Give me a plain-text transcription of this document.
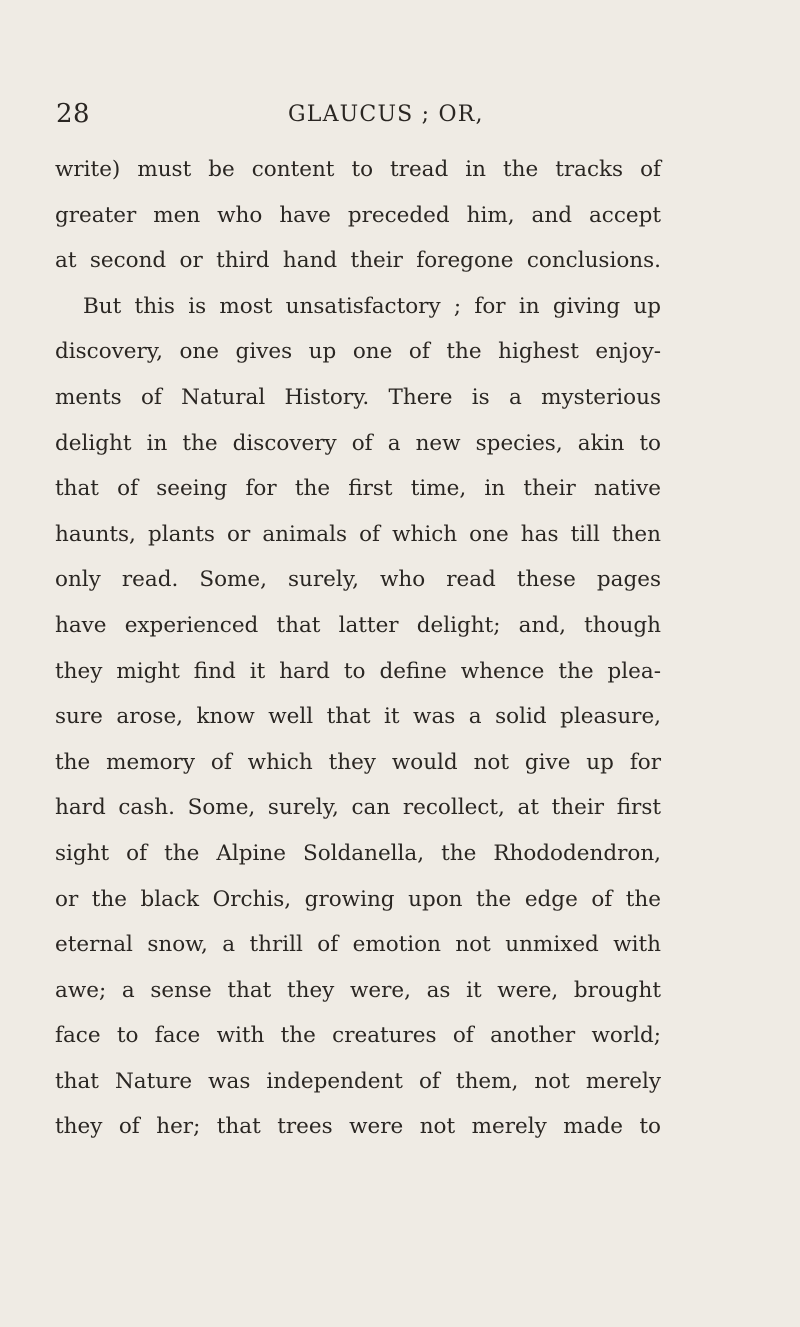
28	GLAUCUS ; OR,
write) must be content to tread in the tracks of
greater men who have preceded him, and accept
at second or third hand their foregone conclusions.
But this is most unsatisfactory ; for in giving up
discovery, one gives up one of the highest enjoy-
ments of Natural History. There is a mysterious
delight in the discovery of a new species, akin to
that of seeing for the first time, in their native
haunts, plants or animals of which one has till then
only read. Some, surely, who read these pages
have experienced that latter delight; and, though
they might find it hard to define whence the plea-
sure arose, know well that it was a solid pleasure,
the memory of which they would not give up for
hard cash. Some, surely, can recollect, at their first
sight of the Alpine Soldanella, the Rhododendron,
or the black Orchis, growing upon the edge of the
eternal snow, a thrill of emotion not unmixed with
awe; a sense that they were, as it were, brought
face to face with the creatures of another world;
that Nature was independent of them, not merely
they of her; that trees were not merely made to
